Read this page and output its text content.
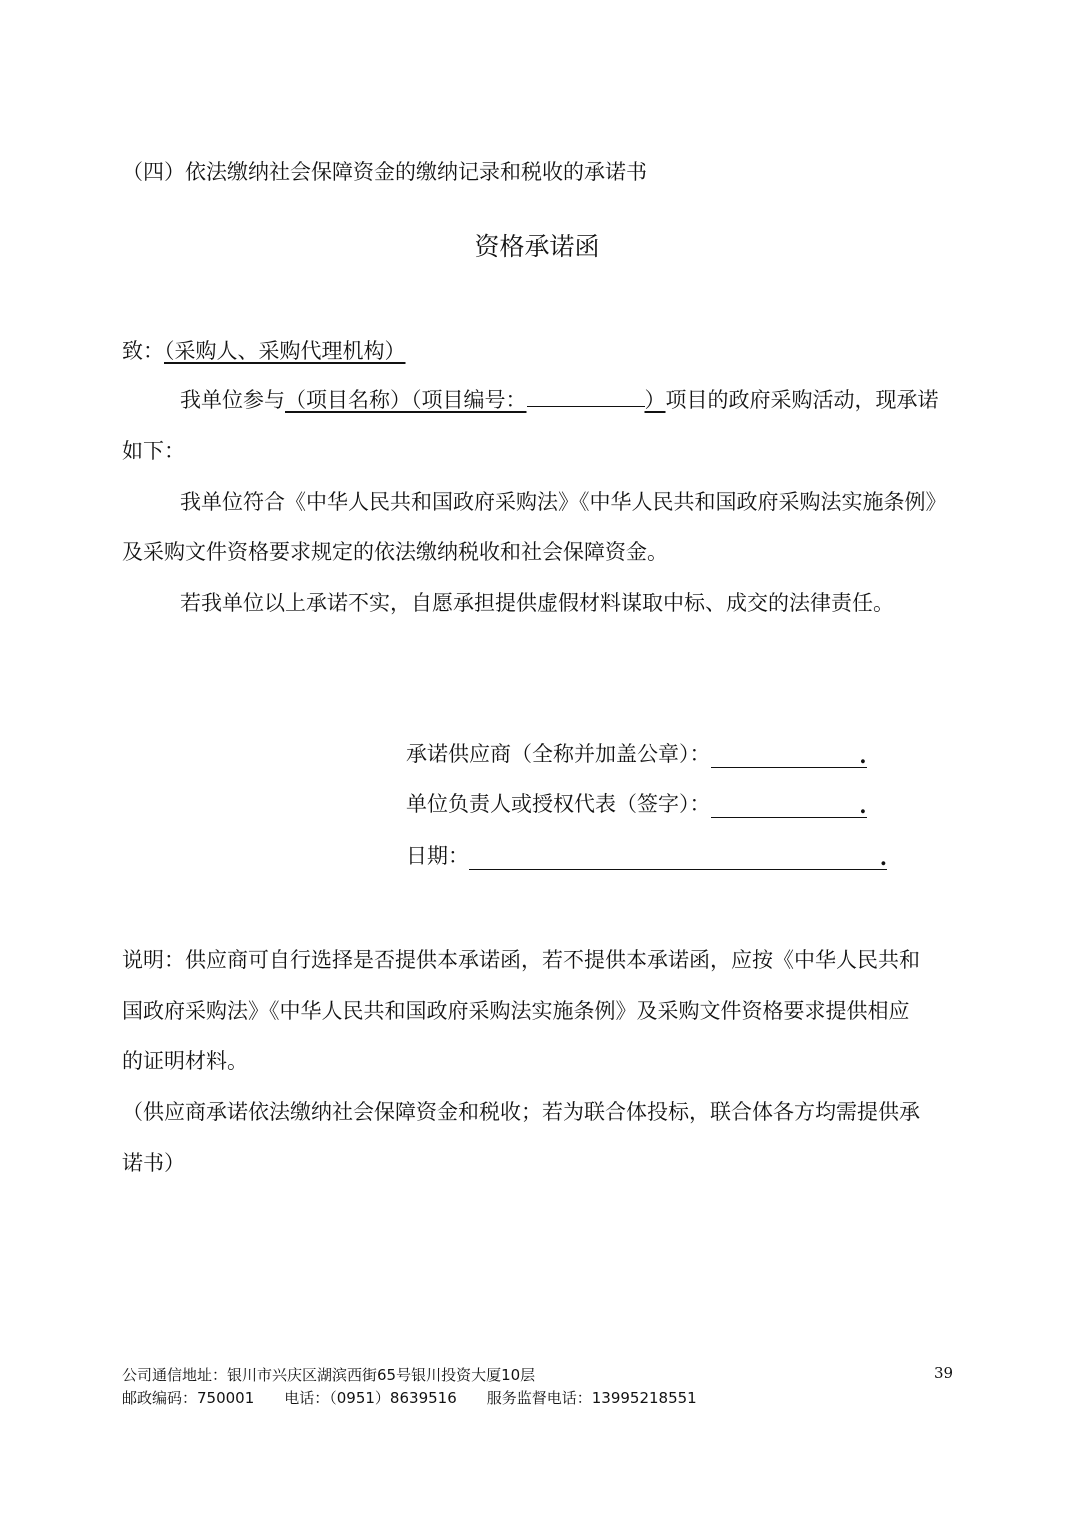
（四）依法缴纳社会保障资金的缴纳记录和税收的承诺书
资格承诺函
致：（采购人、采购代理机构）
我单位参与（项目名称）（项目编号：	）项目的政府采购活动，现承诺
如下：
我单位符合《中华人民共和国政府采购法》《中华人民共和国政府采购法实施条例》
及采购文件资格要求规定的依法缴纳税收和社会保障资金。
若我单位以上承诺不实，自愿承担提供虚假材料谋取中标、成交的法律责任。
承诺供应商（全称并加盖公章）：	.
单位负责人或授权代表（签字）：	.
日期：	.
说明：供应商可自行选择是否提供本承诺函，若不提供本承诺函，应按《中华人民共和
国政府采购法》《中华人民共和国政府采购法实施条例》及采购文件资格要求提供相应
的证明材料。
（供应商承诺依法缴纳社会保障资金和税收；若为联合体投标，联合体各方均需提供承
诺书）
公司通信地址：银川市兴庆区湖滨西街65号银川投资大厦10层
邮政编码：750001　　电话：（0951）8639516　　服务监督电话：13995218551
39
